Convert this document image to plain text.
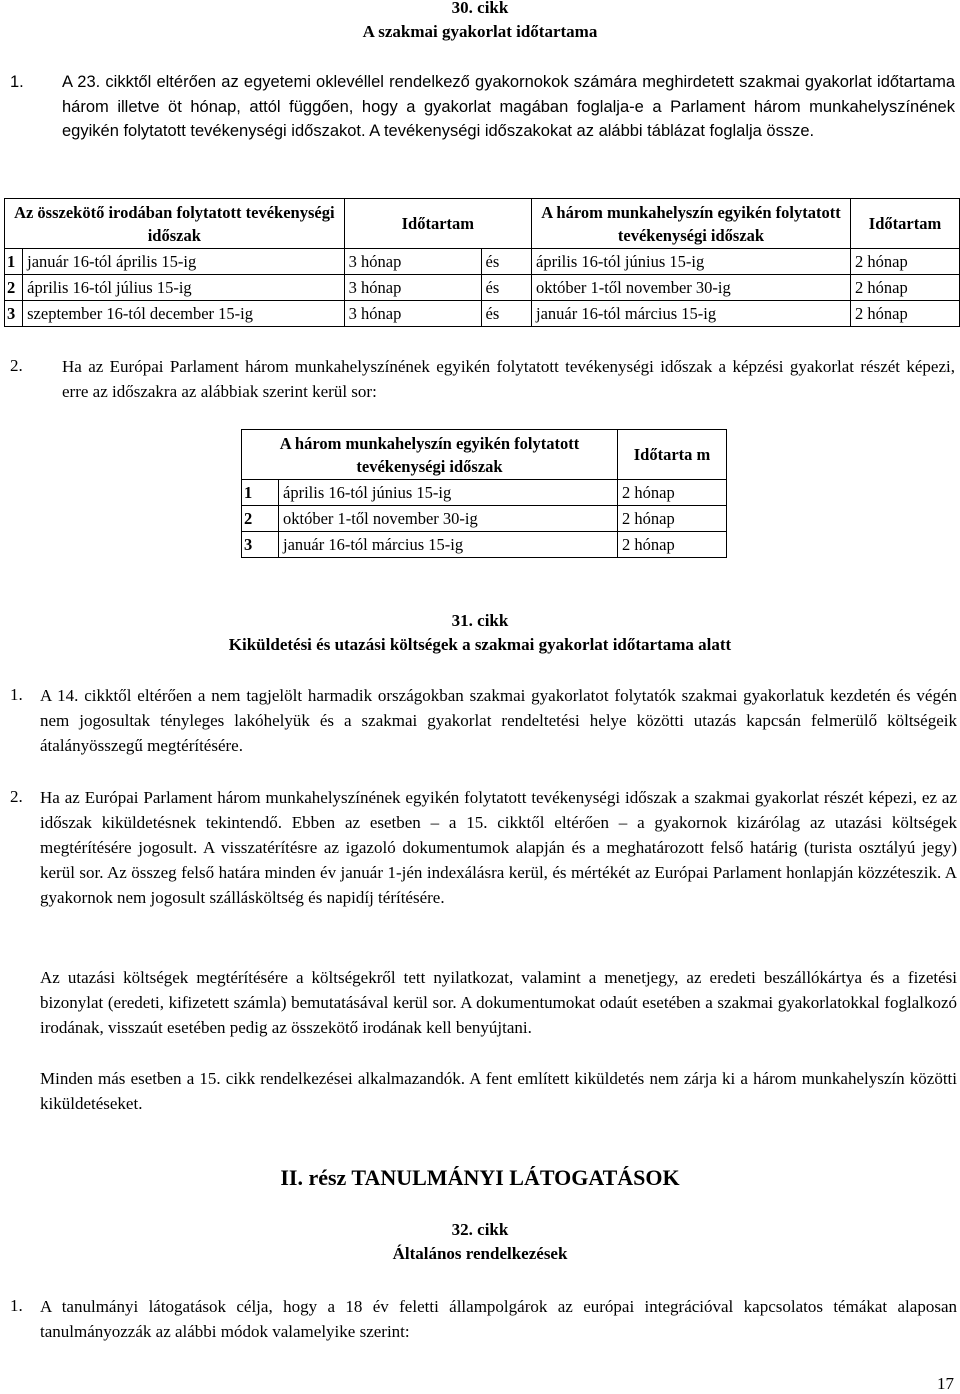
30. cikk
A szakmai gyakorlat időtartama
1. A 23. cikktől eltérően az egyetemi oklevéllel rendelkező gyakornokok számára meghirdetett szakmai gyakorlat időtartama három illetve öt hónap, attól függően, hogy a gyakorlat magában foglalja-e a Parlament három munkahelyszínének egyikén folytatott tevékenységi időszakot. A tevékenységi időszakokat az alábbi táblázat foglalja össze.

Az összekötő irodában folytatott tevékenységi időszak		Időtartam		A három munkahelyszín egyikén folytatott tevékenységi időszak	Időtartam
1	január 16-tól április 15-ig	3 hónap	és	április 16-tól június 15-ig	2 hónap
2	április 16-tól július 15-ig	3 hónap	és	október 1-től november 30-ig	2 hónap
3	szeptember 16-tól december 15-ig	3 hónap	és	január 16-tól március 15-ig	2 hónap
2. Ha az Európai Parlament három munkahelyszínének egyikén folytatott tevékenységi időszak a képzési gyakorlat részét képezi, erre az időszakra az alábbiak szerint kerül sor:

A három munkahelyszín egyikén folytatott tevékenységi időszak		Időtarta m
1	április 16-tól június 15-ig	2 hónap
2	október 1-től november 30-ig	2 hónap
3	január 16-tól március 15-ig	2 hónap
31. cikk
Kiküldetési és utazási költségek a szakmai gyakorlat időtartama alatt
1. A 14. cikktől eltérően a nem tagjelölt harmadik országokban szakmai gyakorlatot folytatók szakmai gyakorlatuk kezdetén és végén nem jogosultak tényleges lakóhelyük és a szakmai gyakorlat rendeltetési helye közötti utazás kapcsán felmerülő költségeik átalányösszegű megtérítésére.

2. Ha az Európai Parlament három munkahelyszínének egyikén folytatott tevékenységi időszak a szakmai gyakorlat részét képezi, ez az időszak kiküldetésnek tekintendő. Ebben az esetben – a 15. cikktől eltérően – a gyakornok kizárólag az utazási költségek megtérítésére jogosult. A visszatérítésre az igazoló dokumentumok alapján és a meghatározott felső határig (turista osztályú jegy) kerül sor. Az összeg felső határa minden év január 1-jén indexálásra kerül, és mértékét az Európai Parlament honlapján közzéteszik. A gyakornok nem jogosult szállásköltség és napidíj térítésére.

Az utazási költségek megtérítésére a költségekről tett nyilatkozat, valamint a menetjegy, az eredeti beszállókártya és a fizetési bizonylat (eredeti, kifizetett számla) bemutatásával kerül sor. A dokumentumokat odaút esetében a szakmai gyakorlatokkal foglalkozó irodának, visszaút esetében pedig az összekötő irodának kell benyújtani.

Minden más esetben a 15. cikk rendelkezései alkalmazandók. A fent említett kiküldetés nem zárja ki a három munkahelyszín közötti kiküldetéseket.

II. rész TANULMÁNYI LÁTOGATÁSOK
32. cikk
Általános rendelkezések
1. A tanulmányi látogatások célja, hogy a 18 év feletti állampolgárok az európai integrációval kapcsolatos témákat alaposan tanulmányozzák az alábbi módok valamelyike szerint:

17
